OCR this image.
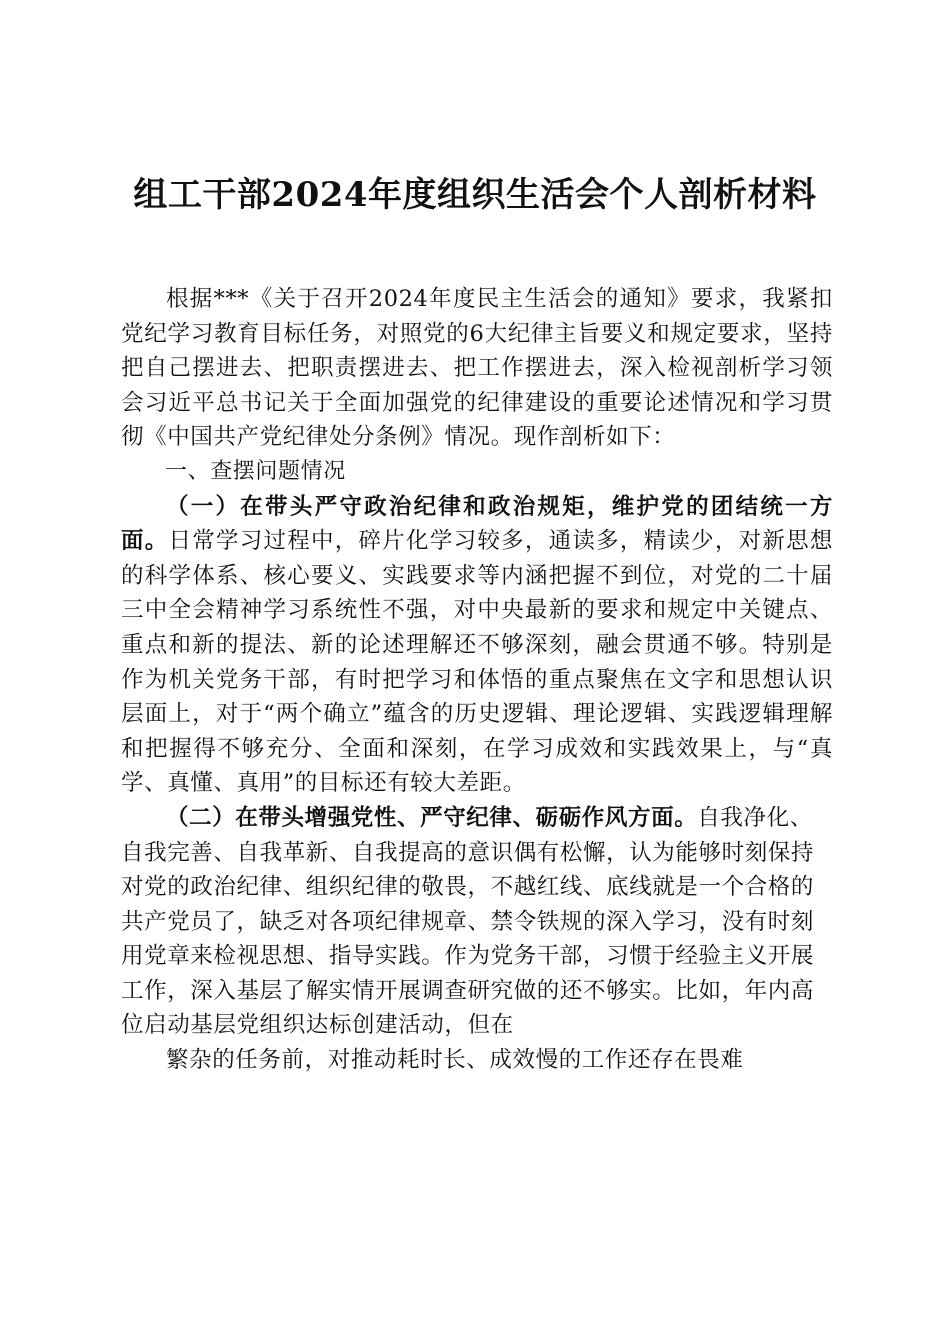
组工干部2024年度组织生活会个人剖析材料

根据***《关于召开2024年度民主生活会的通知》要求，我紧扣党纪学习教育目标任务，对照党的6大纪律主旨要义和规定要求，坚持把自己摆进去、把职责摆进去、把工作摆进去，深入检视剖析学习领会习近平总书记关于全面加强党的纪律建设的重要论述情况和学习贯彻《中国共产党纪律处分条例》情况。现作剖析如下：

一、查摆问题情况

（一）在带头严守政治纪律和政治规矩，维护党的团结统一方面。日常学习过程中，碎片化学习较多，通读多，精读少，对新思想的科学体系、核心要义、实践要求等内涵把握不到位，对党的二十届三中全会精神学习系统性不强，对中央最新的要求和规定中关键点、重点和新的提法、新的论述理解还不够深刻，融会贯通不够。特别是作为机关党务干部，有时把学习和体悟的重点聚焦在文字和思想认识层面上，对于“两个确立”蕴含的历史逻辑、理论逻辑、实践逻辑理解和把握得不够充分、全面和深刻，在学习成效和实践效果上，与“真学、真懂、真用”的目标还有较大差距。

（二）在带头增强党性、严守纪律、砺砺作风方面。自我净化、自我完善、自我革新、自我提高的意识偶有松懈，认为能够时刻保持对党的政治纪律、组织纪律的敬畏，不越红线、底线就是一个合格的共产党员了，缺乏对各项纪律规章、禁令铁规的深入学习，没有时刻用党章来检视思想、指导实践。作为党务干部，习惯于经验主义开展工作，深入基层了解实情开展调查研究做的还不够实。比如，年内高位启动基层党组织达标创建活动，但在

繁杂的任务前，对推动耗时长、成效慢的工作还存在畏难
